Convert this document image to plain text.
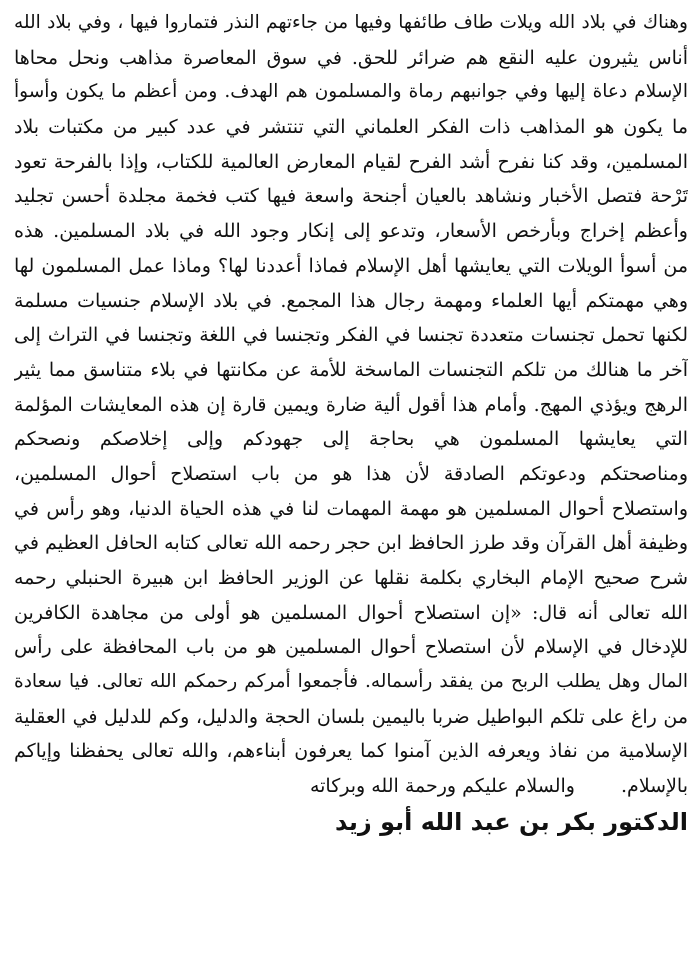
وهناك في بلاد الله ويلات طاف طائفها وفيها من جاءتهم النذر فتماروا فيها ، وفي بلاد الله
أناس يثيرون عليه النقع هم ضرائر للحق. في سوق المعاصرة مذاهب ونحل محاها
الإسلام دعاة إليها وفي جوانبهم رماة والمسلمون هم الهدف. ومن أعظم ما يكون وأسوأ
ما يكون هو المذاهب ذات الفكر العلماني التي تنتشر في عدد كبير من مكتبات بلاد
المسلمين، وقد كنا نفرح أشد الفرح لقيام المعارض العالمية للكتاب، وإذا بالفرحة تعود
تَرْحة فتصل الأخبار ونشاهد بالعيان أجنحة واسعة فيها كتب فخمة مجلدة أحسن تجليد
وأعظم إخراج وبأرخص الأسعار، وتدعو إلى إنكار وجود الله في بلاد المسلمين. هذه
من أسوأ الويلات التي يعايشها أهل الإسلام فماذا أعددنا لها؟ وماذا عمل المسلمون لها
وهي مهمتكم أيها العلماء ومهمة رجال هذا المجمع. في بلاد الإسلام جنسيات مسلمة
لكنها تحمل تجنسات متعددة تجنسا في الفكر وتجنسا في اللغة وتجنسا في التراث إلى
آخر ما هنالك من تلكم التجنسات الماسخة للأمة عن مكانتها في بلاء متناسق مما يثير
الرهج ويؤذي المهج. وأمام هذا أقول ألية ضارة ويمين قارة إن هذه المعايشات المؤلمة
التي يعايشها المسلمون هي بحاجة إلى جهودكم وإلى إخلاصكم ونصحكم
ومناصحتكم ودعوتكم الصادقة لأن هذا هو من باب استصلاح أحوال المسلمين،
واستصلاح أحوال المسلمين هو مهمة المهمات لنا في هذه الحياة الدنيا، وهو رأس في
وظيفة أهل القرآن وقد طرز الحافظ ابن حجر رحمه الله تعالى كتابه الحافل العظيم في
شرح صحيح الإمام البخاري بكلمة نقلها عن الوزير الحافظ ابن هبيرة الحنبلي رحمه
الله تعالى أنه قال: «إن استصلاح أحوال المسلمين هو أولى من مجاهدة الكافرين
للإدخال في الإسلام لأن استصلاح أحوال المسلمين هو من باب المحافظة على رأس
المال وهل يطلب الربح من يفقد رأسماله. فأجمعوا أمركم رحمكم الله تعالى. فيا سعادة
من راغ على تلكم البواطيل ضربا باليمين بلسان الحجة والدليل، وكم للدليل في العقلية
الإسلامية من نفاذ ويعرفه الذين آمنوا كما يعرفون أبناءهم، والله تعالى يحفظنا وإياكم
بالإسلام. والسلام عليكم ورحمة الله وبركاته
الدكتور بكر بن عبد الله أبو زيد
